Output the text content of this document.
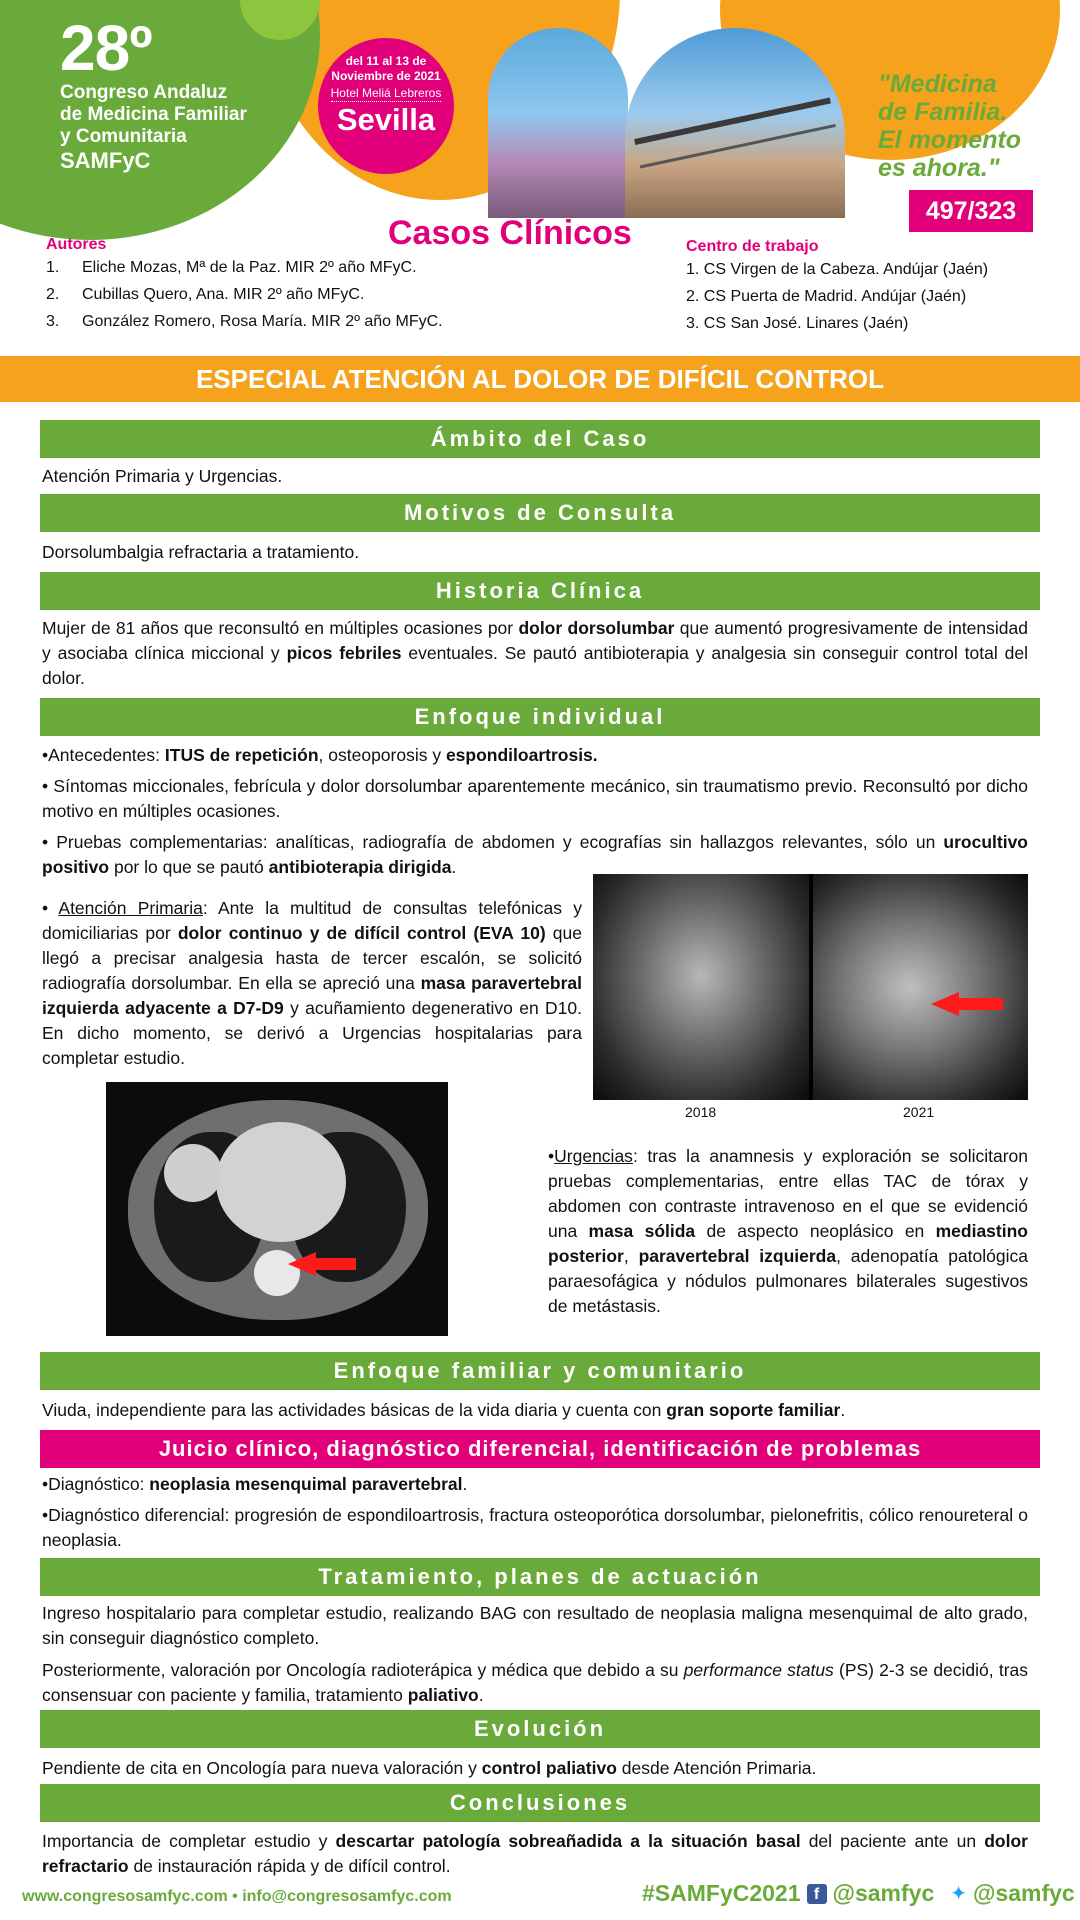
28º
Congreso Andaluz
de Medicina Familiar
y Comunitaria
SAMFyC
del 11 al 13 de
Noviembre de 2021
Hotel Meliá Lebreros
Sevilla
"Medicina
de Familia.
El momento
es ahora."
497/323
Casos Clínicos
Autores
1.	Eliche Mozas, Mª de la Paz. MIR 2º año MFyC.
2.	Cubillas Quero, Ana. MIR 2º año MFyC.
3.	González Romero, Rosa María. MIR 2º año MFyC.
Centro de trabajo
1. CS Virgen de la Cabeza. Andújar (Jaén)
2. CS Puerta de Madrid. Andújar (Jaén)
3. CS San José. Linares (Jaén)
ESPECIAL ATENCIÓN AL DOLOR DE DIFÍCIL CONTROL
Ámbito del Caso
Atención Primaria y Urgencias.
Motivos de Consulta
Dorsolumbalgia refractaria a tratamiento.
Historia Clínica
Mujer de 81 años que reconsultó en múltiples ocasiones por dolor dorsolumbar que aumentó progresivamente de intensidad y asociaba clínica miccional y picos febriles eventuales. Se pautó antibioterapia y analgesia sin conseguir control total del dolor.
Enfoque individual
•Antecedentes: ITUS de repetición, osteoporosis y espondiloartrosis.
• Síntomas miccionales, febrícula y dolor dorsolumbar aparentemente mecánico, sin traumatismo previo. Reconsultó por dicho motivo en múltiples ocasiones.
• Pruebas complementarias: analíticas, radiografía de abdomen y ecografías sin hallazgos relevantes, sólo un urocultivo positivo por lo que se pautó antibioterapia dirigida.
• Atención Primaria: Ante la multitud de consultas telefónicas y domiciliarias por dolor continuo y de difícil control (EVA 10) que llegó a precisar analgesia hasta de tercer escalón, se solicitó radiografía dorsolumbar. En ella se apreció una masa paravertebral izquierda adyacente a D7-D9 y acuñamiento degenerativo en D10. En dicho momento, se derivó a Urgencias hospitalarias para completar estudio.
2018	2021
•Urgencias: tras la anamnesis y exploración se solicitaron pruebas complementarias, entre ellas TAC de tórax y abdomen con contraste intravenoso en el que se evidenció una masa sólida de aspecto neoplásico en mediastino posterior, paravertebral izquierda, adenopatía patológica paraesofágica y nódulos pulmonares bilaterales sugestivos de metástasis.
Enfoque familiar y comunitario
Viuda, independiente para las actividades básicas de la vida diaria y cuenta con gran soporte familiar.
Juicio clínico, diagnóstico diferencial, identificación de problemas
•Diagnóstico: neoplasia mesenquimal paravertebral.
•Diagnóstico diferencial: progresión de espondiloartrosis, fractura osteoporótica dorsolumbar, pielonefritis, cólico renoureteral o neoplasia.
Tratamiento, planes de actuación
Ingreso hospitalario para completar estudio, realizando BAG con resultado de neoplasia maligna mesenquimal de alto grado, sin conseguir diagnóstico completo.
Posteriormente, valoración por Oncología radioterápica y médica que debido a su performance status (PS) 2-3 se decidió, tras consensuar con paciente y familia, tratamiento paliativo.
Evolución
Pendiente de cita en Oncología para nueva valoración y control paliativo desde Atención Primaria.
Conclusiones
Importancia de completar estudio y descartar patología sobreañadida a la situación basal del paciente ante un dolor refractario de instauración rápida y de difícil control.
www.congresosamfyc.com • info@congresosamfyc.com	#SAMFyC2021 f @samfyc ✦ @samfyc
